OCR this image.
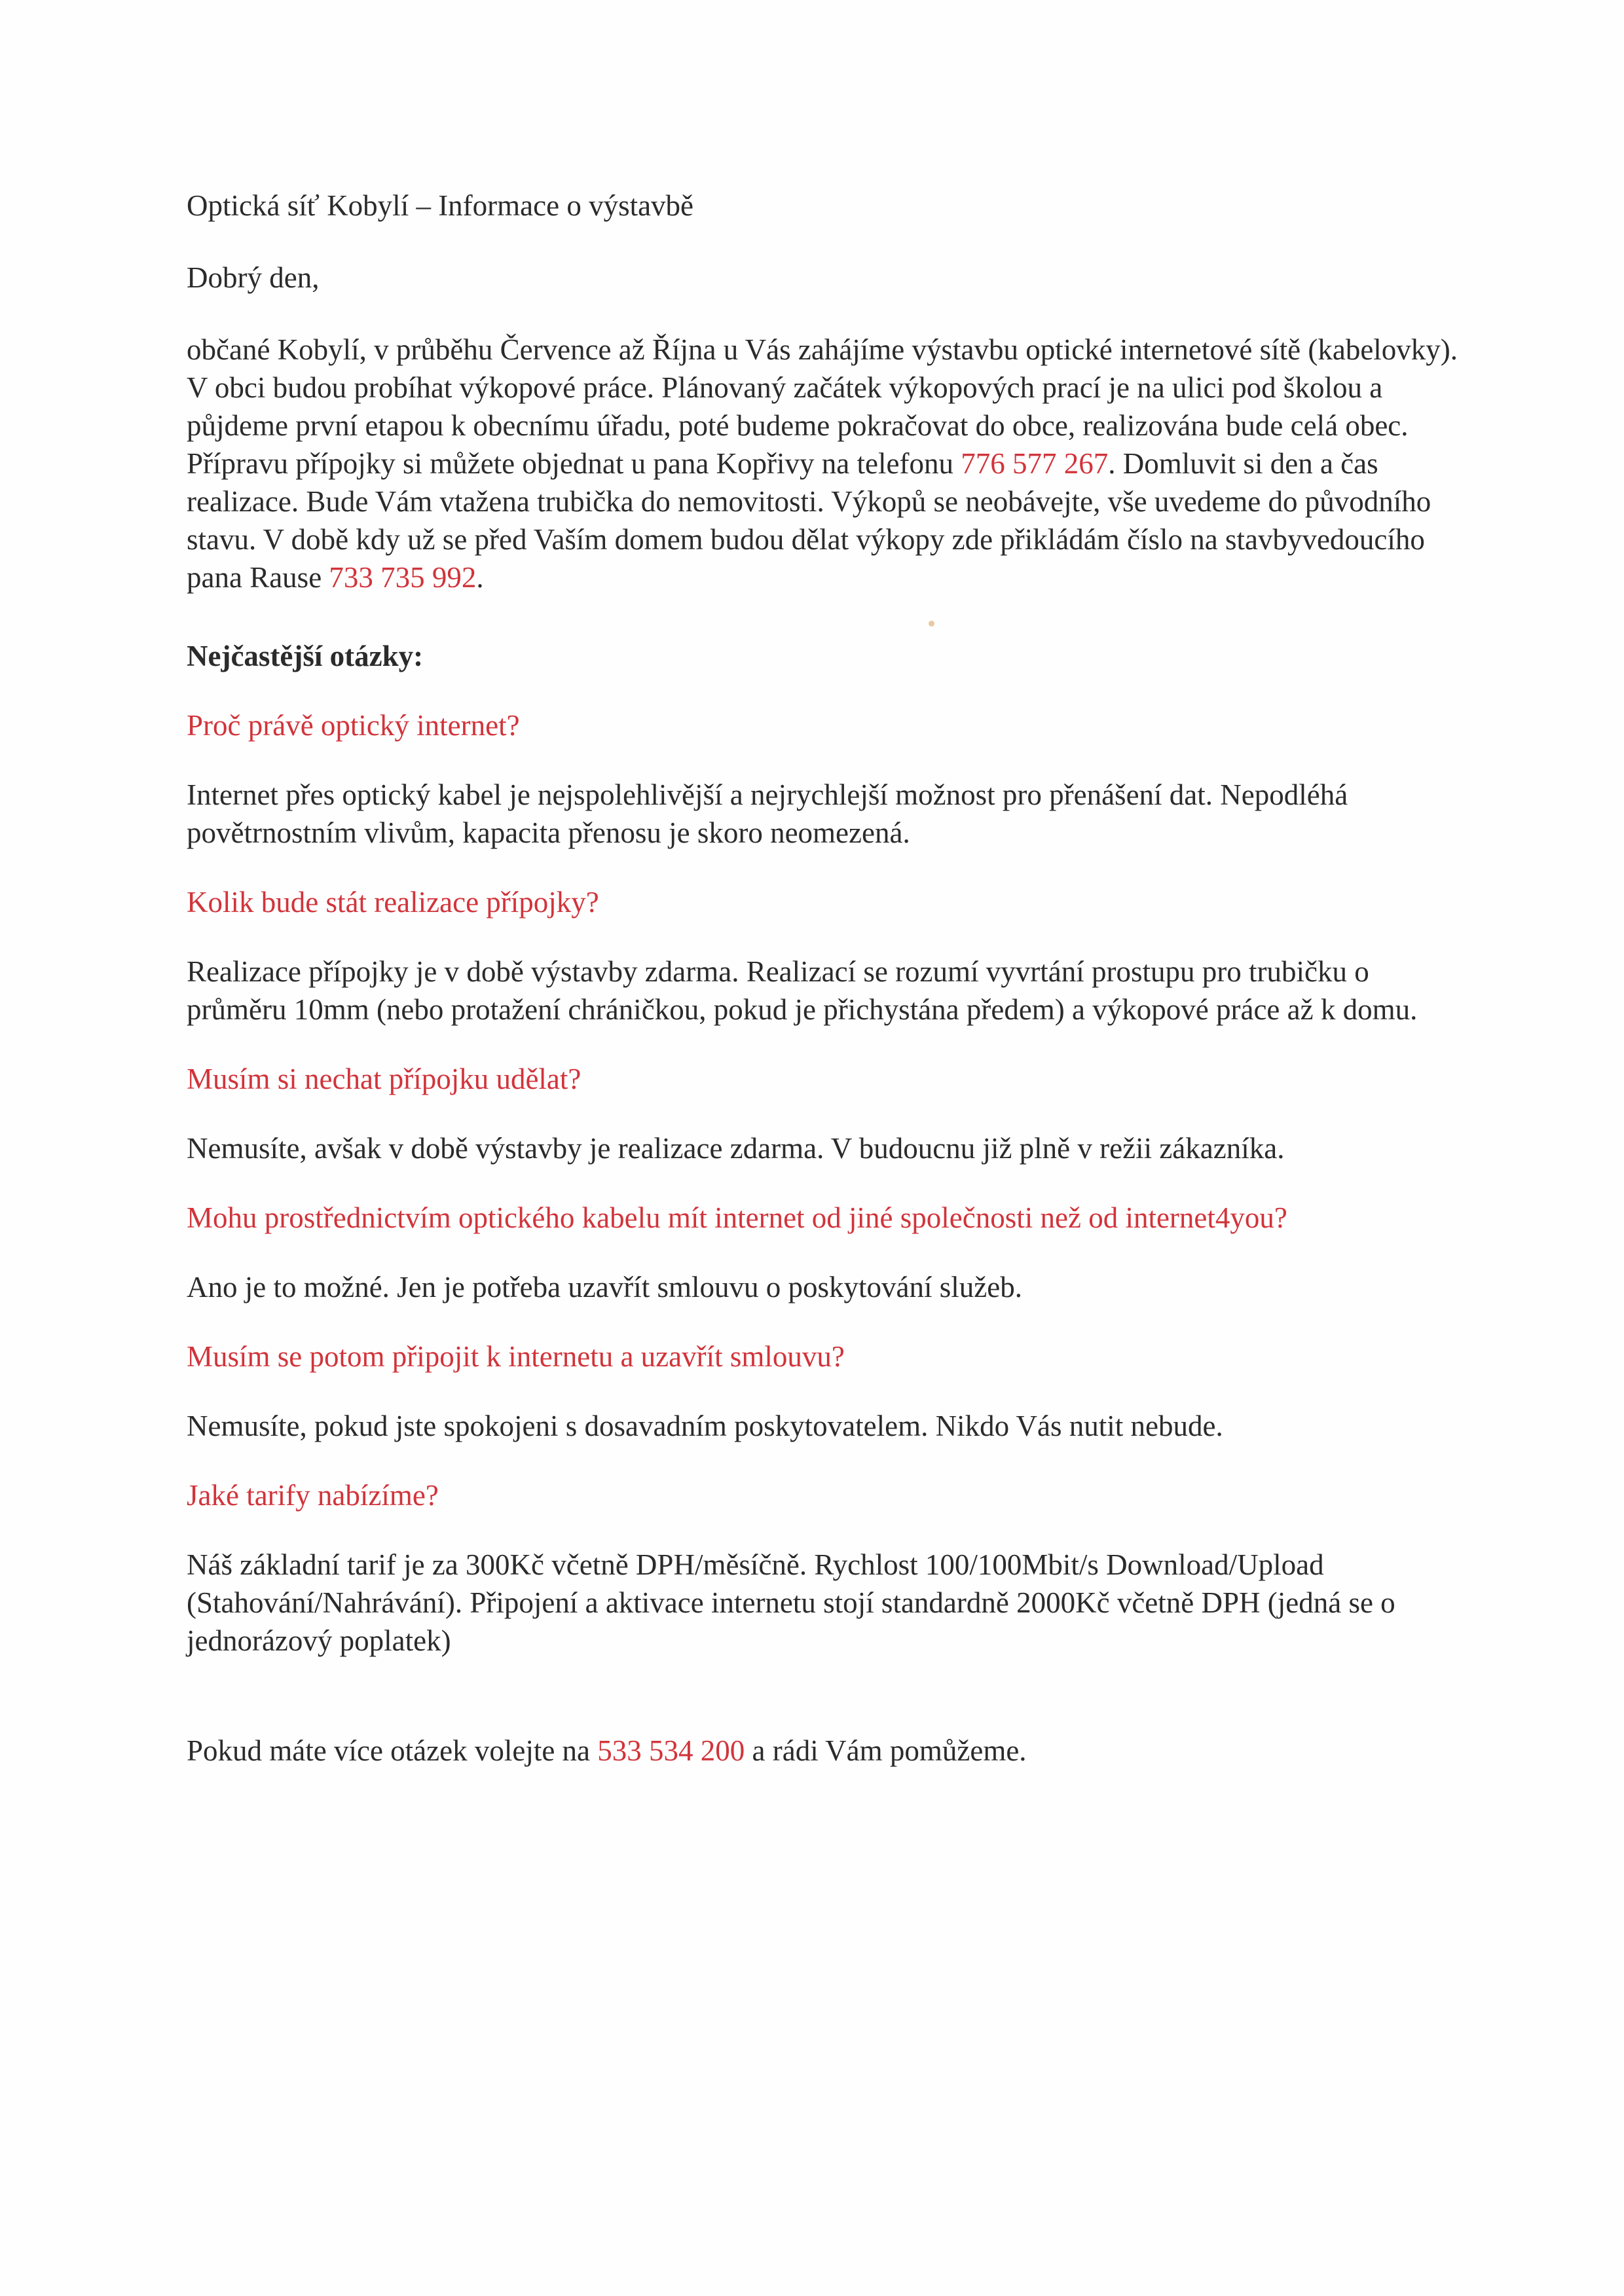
Optická síť Kobylí – Informace o výstavbě

Dobrý den,

občané Kobylí, v průběhu Července až Října u Vás zahájíme výstavbu optické internetové sítě (kabelovky). V obci budou probíhat výkopové práce. Plánovaný začátek výkopových prací je na ulici pod školou a půjdeme první etapou k obecnímu úřadu, poté budeme pokračovat do obce, realizována bude celá obec. Přípravu přípojky si můžete objednat u pana Kopřivy na telefonu 776 577 267. Domluvit si den a čas realizace. Bude Vám vtažena trubička do nemovitosti. Výkopů se neobávejte, vše uvedeme do původního stavu. V době kdy už se před Vaším domem budou dělat výkopy zde přikládám číslo na stavbyvedoucího pana Rause 733 735 992.

Nejčastější otázky:

Proč právě optický internet?

Internet přes optický kabel je nejspolehlivější a nejrychlejší možnost pro přenášení dat. Nepodléhá povětrnostním vlivům, kapacita přenosu je skoro neomezená.

Kolik bude stát realizace přípojky?

Realizace přípojky je v době výstavby zdarma. Realizací se rozumí vyvrtání prostupu pro trubičku o průměru 10mm (nebo protažení chráničkou, pokud je přichystána předem) a výkopové práce až k domu.

Musím si nechat přípojku udělat?

Nemusíte, avšak v době výstavby je realizace zdarma. V budoucnu již plně v režii zákazníka.

Mohu prostřednictvím optického kabelu mít internet od jiné společnosti než od internet4you?

Ano je to možné. Jen je potřeba uzavřít smlouvu o poskytování služeb.

Musím se potom připojit k internetu a uzavřít smlouvu?

Nemusíte, pokud jste spokojeni s dosavadním poskytovatelem. Nikdo Vás nutit nebude.

Jaké tarify nabízíme?

Náš základní tarif je za 300Kč včetně DPH/měsíčně. Rychlost 100/100Mbit/s Download/Upload (Stahování/Nahrávání). Připojení a aktivace internetu stojí standardně 2000Kč včetně DPH (jedná se o jednorázový poplatek)

Pokud máte více otázek volejte na 533 534 200 a rádi Vám pomůžeme.
